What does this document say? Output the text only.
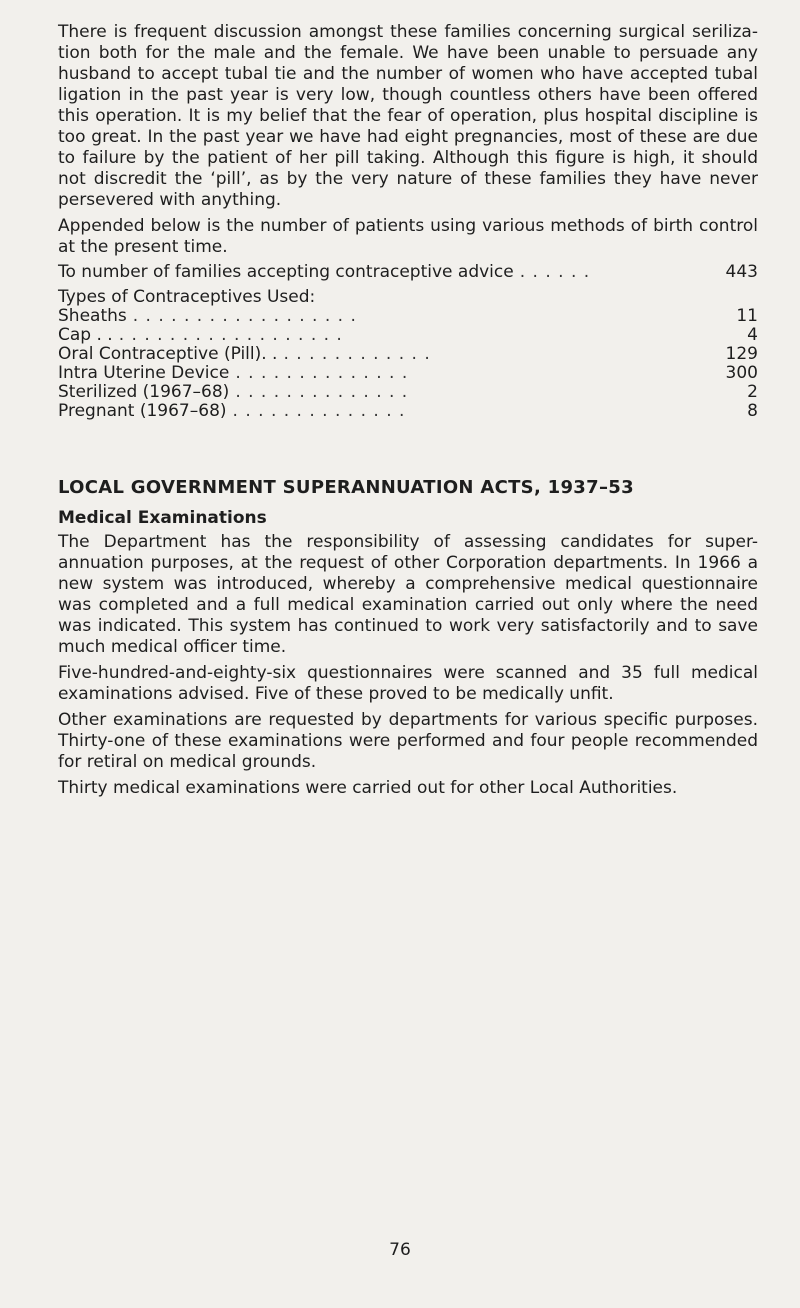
There is frequent discussion amongst these families concerning surgical seriliza- tion both for the male and the female. We have been unable to persuade any husband to accept tubal tie and the number of women who have accepted tubal ligation in the past year is very low, though countless others have been offered this operation. It is my belief that the fear of operation, plus hospital discipline is too great. In the past year we have had eight pregnancies, most of these are due to failure by the patient of her pill taking. Although this figure is high, it should not discredit the ‘pill’, as by the very nature of these families they have never persevered with anything.

Appended below is the number of patients using various methods of birth control at the present time.

To number of families accepting contraceptive advice . . . . . .	443
Types of Contraceptives Used:
Sheaths . . . . . . . . . . . . . . . . . .	11
Cap . . . . . . . . . . . . . . . . . . . .	4
Oral Contraceptive (Pill). . . . . . . . . . . . . .	129
Intra Uterine Device . . . . . . . . . . . . . .	300
Sterilized (1967–68) . . . . . . . . . . . . . .	2
Pregnant (1967–68) . . . . . . . . . . . . . .	8
LOCAL GOVERNMENT SUPERANNUATION ACTS, 1937–53
Medical Examinations

The Department has the responsibility of assessing candidates for super- annuation purposes, at the request of other Corporation departments. In 1966 a new system was introduced, whereby a comprehensive medical questionnaire was completed and a full medical examination carried out only where the need was indicated. This system has continued to work very satisfactorily and to save much medical officer time.

Five-hundred-and-eighty-six questionnaires were scanned and 35 full medical examinations advised. Five of these proved to be medically unfit.

Other examinations are requested by departments for various specific purposes. Thirty-one of these examinations were performed and four people recommended for retiral on medical grounds.

Thirty medical examinations were carried out for other Local Authorities.

76
